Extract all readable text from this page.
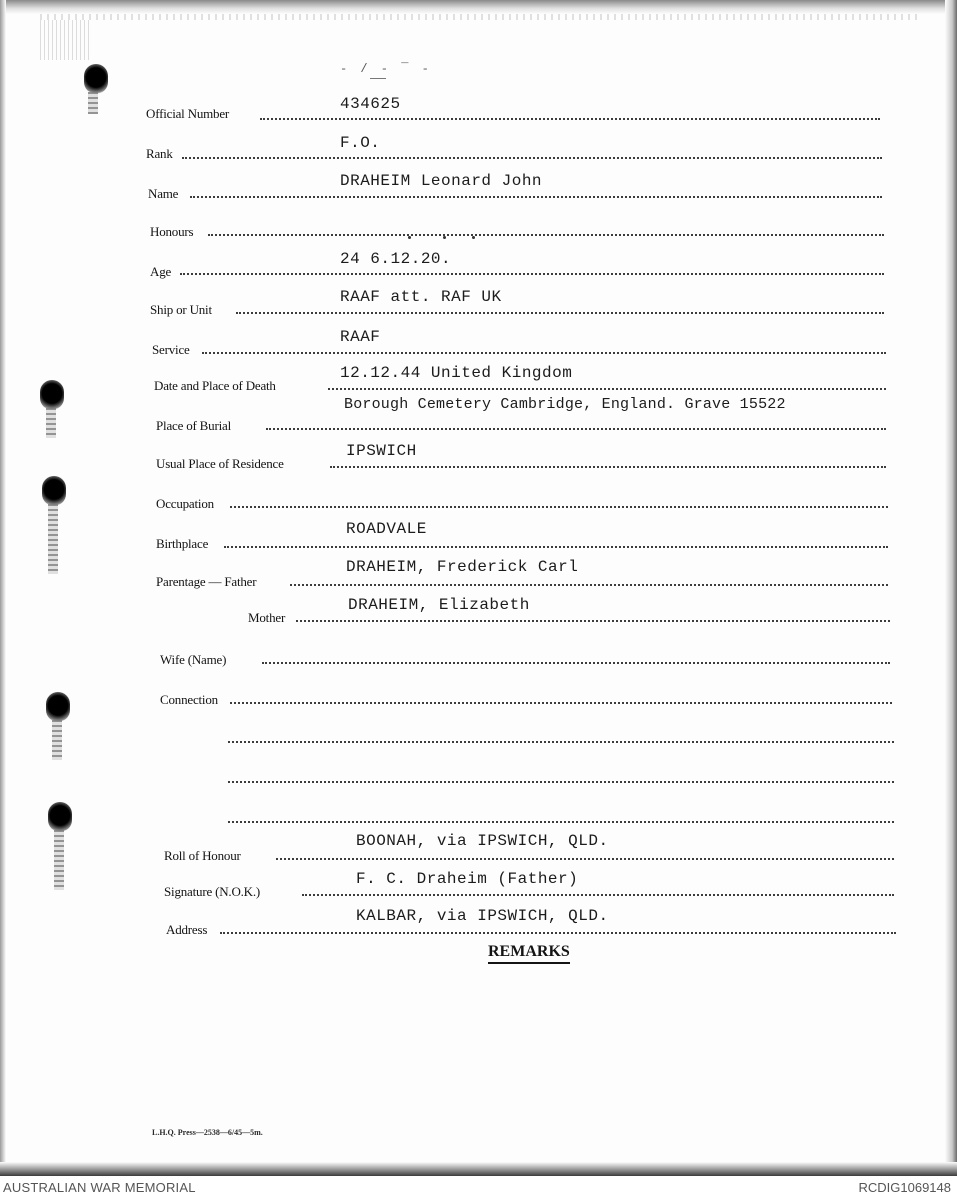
- / - ¯ -
Official Number
434625
Rank
F.O.
Name
DRAHEIM Leonard John
Honours
Age
24 6.12.20.
Ship or Unit
RAAF att. RAF UK
Service
RAAF
Date and Place of Death
12.12.44 United Kingdom
Place of Burial
Borough Cemetery Cambridge, England. Grave 15522
Usual Place of Residence
IPSWICH
Occupation
Birthplace
ROADVALE
Parentage — Father
DRAHEIM, Frederick Carl
Mother
DRAHEIM, Elizabeth
Wife (Name)
Connection
Roll of Honour
BOONAH, via IPSWICH, QLD.
Signature (N.O.K.)
F. C. Draheim (Father)
Address
KALBAR, via IPSWICH, QLD.
REMARKS
L.H.Q. Press—2538—6/45—5m.
AUSTRALIAN WAR MEMORIAL	RCDIG1069148
